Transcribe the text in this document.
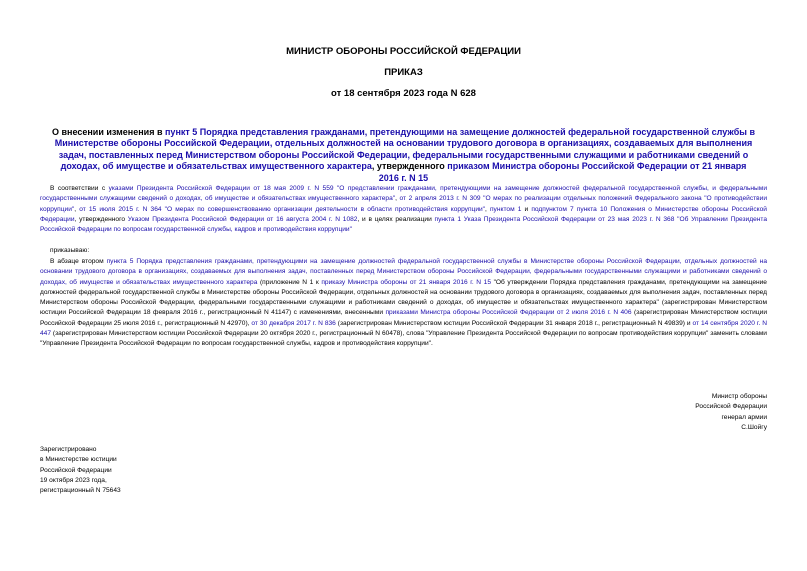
МИНИСТР ОБОРОНЫ РОССИЙСКОЙ ФЕДЕРАЦИИ
ПРИКАЗ
от 18 сентября 2023 года N 628
О внесении изменения в пункт 5 Порядка представления гражданами, претендующими на замещение должностей федеральной государственной службы в Министерстве обороны Российской Федерации, отдельных должностей на основании трудового договора в организациях, создаваемых для выполнения задач, поставленных перед Министерством обороны Российской Федерации, федеральными государственными служащими и работниками сведений о доходах, об имуществе и обязательствах имущественного характера, утвержденного приказом Министра обороны Российской Федерации от 21 января 2016 г. N 15
В соответствии с указами Президента Российской Федерации от 18 мая 2009 г. N 559 "О представлении гражданами, претендующими на замещение должностей федеральной государственной службы, и федеральными государственными служащими сведений о доходах, об имуществе и обязательствах имущественного характера", от 2 апреля 2013 г. N 309 "О мерах по реализации отдельных положений Федерального закона "О противодействии коррупции", от 15 июля 2015 г. N 364 "О мерах по совершенствованию организации деятельности в области противодействия коррупции", пунктом 1 и подпунктом 7 пункта 10 Положения о Министерстве обороны Российской Федерации, утвержденного Указом Президента Российской Федерации от 16 августа 2004 г. N 1082, и в целях реализации пункта 1 Указа Президента Российской Федерации от 23 мая 2023 г. N 368 "Об Управлении Президента Российской Федерации по вопросам государственной службы, кадров и противодействия коррупции"
приказываю:
В абзаце втором пункта 5 Порядка представления гражданами, претендующими на замещение должностей федеральной государственной службы в Министерстве обороны Российской Федерации, отдельных должностей на основании трудового договора в организациях, создаваемых для выполнения задач, поставленных перед Министерством обороны Российской Федерации, федеральными государственными служащими и работниками сведений о доходах, об имуществе и обязательствах имущественного характера (приложение N 1 к приказу Министра обороны от 21 января 2016 г. N 15 "Об утверждении Порядка представления гражданами, претендующими на замещение должностей федеральной государственной службы в Министерстве обороны Российской Федерации, отдельных должностей на основании трудового договора в организациях, создаваемых для выполнения задач, поставленных перед Министерством обороны Российской Федерации, федеральными государственными служащими и работниками сведений о доходах, об имуществе и обязательствах имущественного характера" (зарегистрирован Министерством юстиции Российской Федерации 18 февраля 2016 г., регистрационный N 41147) с изменениями, внесенными приказами Министра обороны Российской Федерации от 2 июля 2016 г. N 406 (зарегистрирован Министерством юстиции Российской Федерации 25 июля 2016 г., регистрационный N 42970), от 30 декабря 2017 г. N 836 (зарегистрирован Министерством юстиции Российской Федерации 31 января 2018 г., регистрационный N 49839) и от 14 сентября 2020 г. N 447 (зарегистрирован Министерством юстиции Российской Федерации 20 октября 2020 г., регистрационный N 60478), слова "Управление Президента Российской Федерации по вопросам противодействия коррупции" заменить словами "Управление Президента Российской Федерации по вопросам государственной службы, кадров и противодействия коррупции".
Министр обороны
Российской Федерации
генерал армии
С.Шойгу
Зарегистрировано
в Министерстве юстиции
Российской Федерации
19 октября 2023 года,
регистрационный N 75643
